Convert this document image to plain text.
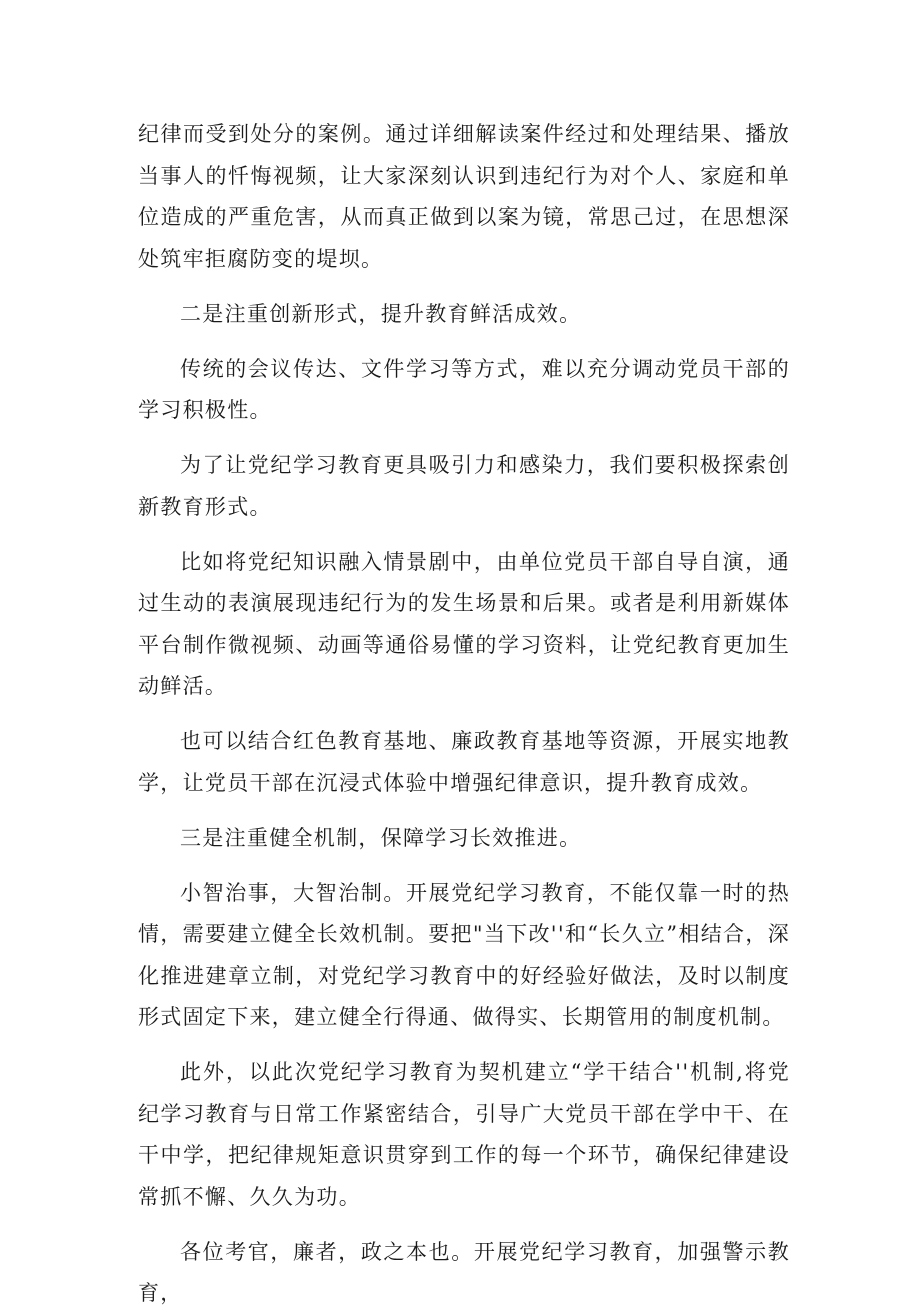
纪律而受到处分的案例。通过详细解读案件经过和处理结果、播放当事人的忏悔视频，让大家深刻认识到违纪行为对个人、家庭和单位造成的严重危害，从而真正做到以案为镜，常思己过，在思想深处筑牢拒腐防变的堤坝。

二是注重创新形式，提升教育鲜活成效。

传统的会议传达、文件学习等方式，难以充分调动党员干部的学习积极性。

为了让党纪学习教育更具吸引力和感染力，我们要积极探索创新教育形式。

比如将党纪知识融入情景剧中，由单位党员干部自导自演，通过生动的表演展现违纪行为的发生场景和后果。或者是利用新媒体平台制作微视频、动画等通俗易懂的学习资料，让党纪教育更加生动鲜活。

也可以结合红色教育基地、廉政教育基地等资源，开展实地教学，让党员干部在沉浸式体验中增强纪律意识，提升教育成效。

三是注重健全机制，保障学习长效推进。

小智治事，大智治制。开展党纪学习教育，不能仅靠一时的热情，需要建立健全长效机制。要把"当下改''和“长久立”相结合，深化推进建章立制，对党纪学习教育中的好经验好做法，及时以制度形式固定下来，建立健全行得通、做得实、长期管用的制度机制。

此外，以此次党纪学习教育为契机建立“学干结合''机制,将党纪学习教育与日常工作紧密结合，引导广大党员干部在学中干、在干中学，把纪律规矩意识贯穿到工作的每一个环节，确保纪律建设常抓不懈、久久为功。

各位考官，廉者，政之本也。开展党纪学习教育，加强警示教育，
